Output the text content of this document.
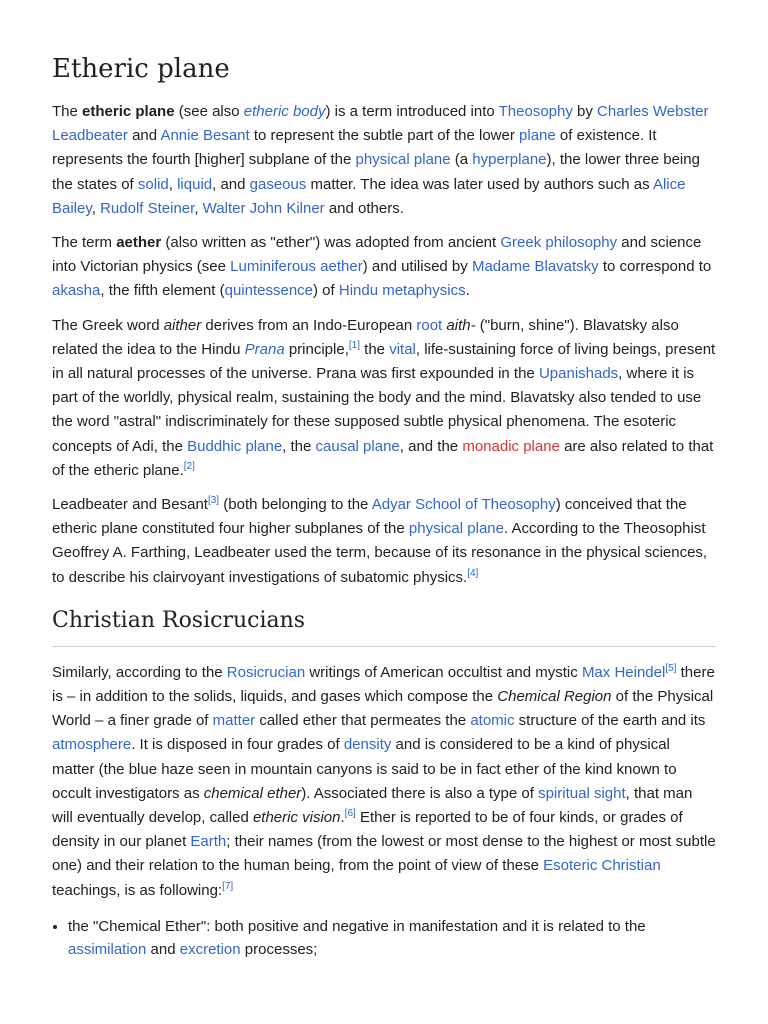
Etheric plane

The etheric plane (see also etheric body) is a term introduced into Theosophy by Charles Webster Leadbeater and Annie Besant to represent the subtle part of the lower plane of existence. It represents the fourth [higher] subplane of the physical plane (a hyperplane), the lower three being the states of solid, liquid, and gaseous matter. The idea was later used by authors such as Alice Bailey, Rudolf Steiner, Walter John Kilner and others.

The term aether (also written as "ether") was adopted from ancient Greek philosophy and science into Victorian physics (see Luminiferous aether) and utilised by Madame Blavatsky to correspond to akasha, the fifth element (quintessence) of Hindu metaphysics.

The Greek word aither derives from an Indo-European root aith- ("burn, shine"). Blavatsky also related the idea to the Hindu Prana principle,[1] the vital, life-sustaining force of living beings, present in all natural processes of the universe. Prana was first expounded in the Upanishads, where it is part of the worldly, physical realm, sustaining the body and the mind. Blavatsky also tended to use the word "astral" indiscriminately for these supposed subtle physical phenomena. The esoteric concepts of Adi, the Buddhic plane, the causal plane, and the monadic plane are also related to that of the etheric plane.[2]

Leadbeater and Besant[3] (both belonging to the Adyar School of Theosophy) conceived that the etheric plane constituted four higher subplanes of the physical plane. According to the Theosophist Geoffrey A. Farthing, Leadbeater used the term, because of its resonance in the physical sciences, to describe his clairvoyant investigations of subatomic physics.[4]

Christian Rosicrucians

Similarly, according to the Rosicrucian writings of American occultist and mystic Max Heindel[5] there is – in addition to the solids, liquids, and gases which compose the Chemical Region of the Physical World – a finer grade of matter called ether that permeates the atomic structure of the earth and its atmosphere. It is disposed in four grades of density and is considered to be a kind of physical matter (the blue haze seen in mountain canyons is said to be in fact ether of the kind known to occult investigators as chemical ether). Associated there is also a type of spiritual sight, that man will eventually develop, called etheric vision.[6] Ether is reported to be of four kinds, or grades of density in our planet Earth; their names (from the lowest or most dense to the highest or most subtle one) and their relation to the human being, from the point of view of these Esoteric Christian teachings, is as following:[7]

• the "Chemical Ether": both positive and negative in manifestation and it is related to the assimilation and excretion processes;
